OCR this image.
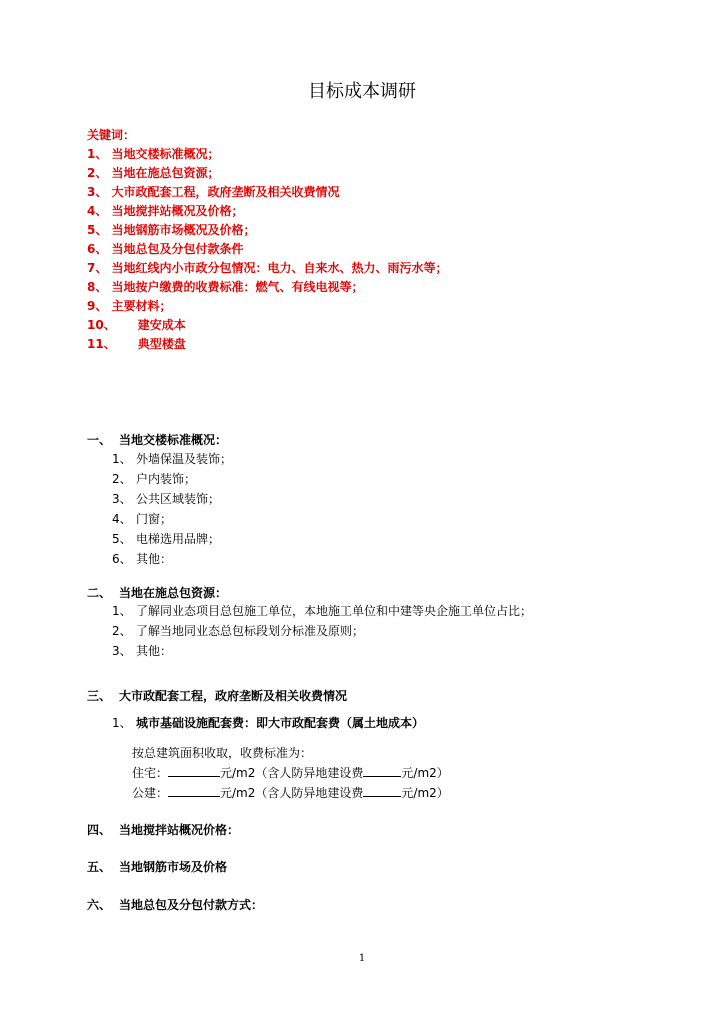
目标成本调研
关键词：
1、 当地交楼标准概况；
2、 当地在施总包资源；
3、 大市政配套工程，政府垄断及相关收费情况
4、 当地搅拌站概况及价格；
5、 当地钢筋市场概况及价格；
6、 当地总包及分包付款条件
7、 当地红线内小市政分包情况：电力、自来水、热力、雨污水等；
8、 当地按户缴费的收费标准：燃气、有线电视等；
9、 主要材料；
10、 建安成本
11、 典型楼盘
一、 当地交楼标准概况：
1、 外墙保温及装饰；
2、 户内装饰；
3、 公共区域装饰；
4、 门窗；
5、 电梯选用品牌；
6、 其他：
二、 当地在施总包资源：
1、 了解同业态项目总包施工单位，本地施工单位和中建等央企施工单位占比；
2、 了解当地同业态总包标段划分标准及原则；
3、 其他：
三、 大市政配套工程，政府垄断及相关收费情况
1、 城市基础设施配套费：即大市政配套费（属土地成本）
按总建筑面积收取，收费标准为：
住宅：	元/m2（含人防异地建设费	元/m2）
公建：	元/m2（含人防异地建设费	元/m2）
四、 当地搅拌站概况价格：
五、 当地钢筋市场及价格
六、 当地总包及分包付款方式：
1
